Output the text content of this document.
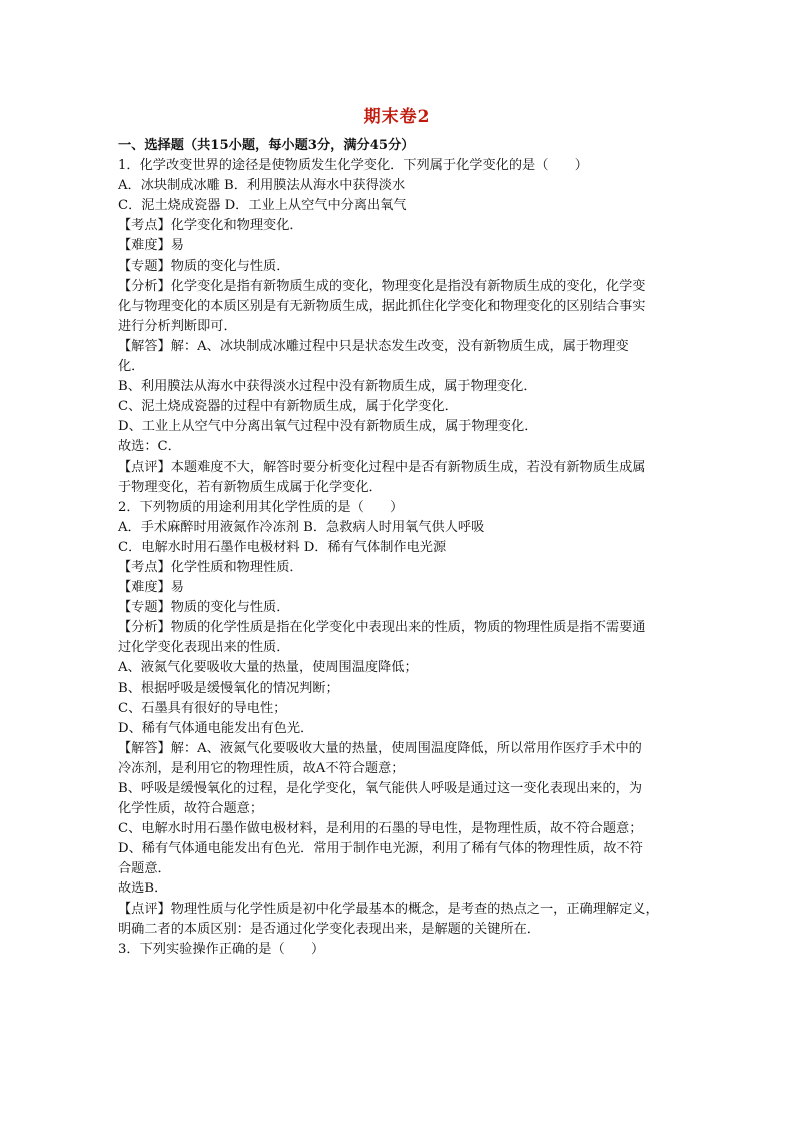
期末卷2
一、选择题（共15小题，每小题3分，满分45分）
1．化学改变世界的途径是使物质发生化学变化．下列属于化学变化的是（　　）
A．冰块制成冰雕 B．利用膜法从海水中获得淡水
C．泥土烧成瓷器 D．工业上从空气中分离出氧气
【考点】化学变化和物理变化．
【难度】易
【专题】物质的变化与性质．
【分析】化学变化是指有新物质生成的变化，物理变化是指没有新物质生成的变化，化学变
化与物理变化的本质区别是有无新物质生成，据此抓住化学变化和物理变化的区别结合事实
进行分析判断即可．
【解答】解：A、冰块制成冰雕过程中只是状态发生改变，没有新物质生成，属于物理变
化．
B、利用膜法从海水中获得淡水过程中没有新物质生成，属于物理变化．
C、泥土烧成瓷器的过程中有新物质生成，属于化学变化．
D、工业上从空气中分离出氧气过程中没有新物质生成，属于物理变化．
故选：C．
【点评】本题难度不大，解答时要分析变化过程中是否有新物质生成，若没有新物质生成属
于物理变化，若有新物质生成属于化学变化．
2．下列物质的用途利用其化学性质的是（　　）
A．手术麻醉时用液氮作冷冻剂 B．急救病人时用氧气供人呼吸
C．电解水时用石墨作电极材料 D．稀有气体制作电光源
【考点】化学性质和物理性质．
【难度】易
【专题】物质的变化与性质．
【分析】物质的化学性质是指在化学变化中表现出来的性质，物质的物理性质是指不需要通
过化学变化表现出来的性质．
A、液氮气化要吸收大量的热量，使周围温度降低；
B、根据呼吸是缓慢氧化的情况判断；
C、石墨具有很好的导电性；
D、稀有气体通电能发出有色光．
【解答】解：A、液氮气化要吸收大量的热量，使周围温度降低，所以常用作医疗手术中的
冷冻剂，是利用它的物理性质，故A不符合题意；
B、呼吸是缓慢氧化的过程，是化学变化，氧气能供人呼吸是通过这一变化表现出来的，为
化学性质，故符合题意；
C、电解水时用石墨作做电极材料，是利用的石墨的导电性，是物理性质，故不符合题意；
D、稀有气体通电能发出有色光．常用于制作电光源，利用了稀有气体的物理性质，故不符
合题意．
故选B．
【点评】物理性质与化学性质是初中化学最基本的概念，是考查的热点之一，正确理解定义，
明确二者的本质区别：是否通过化学变化表现出来，是解题的关键所在．
3．下列实验操作正确的是（　　）
